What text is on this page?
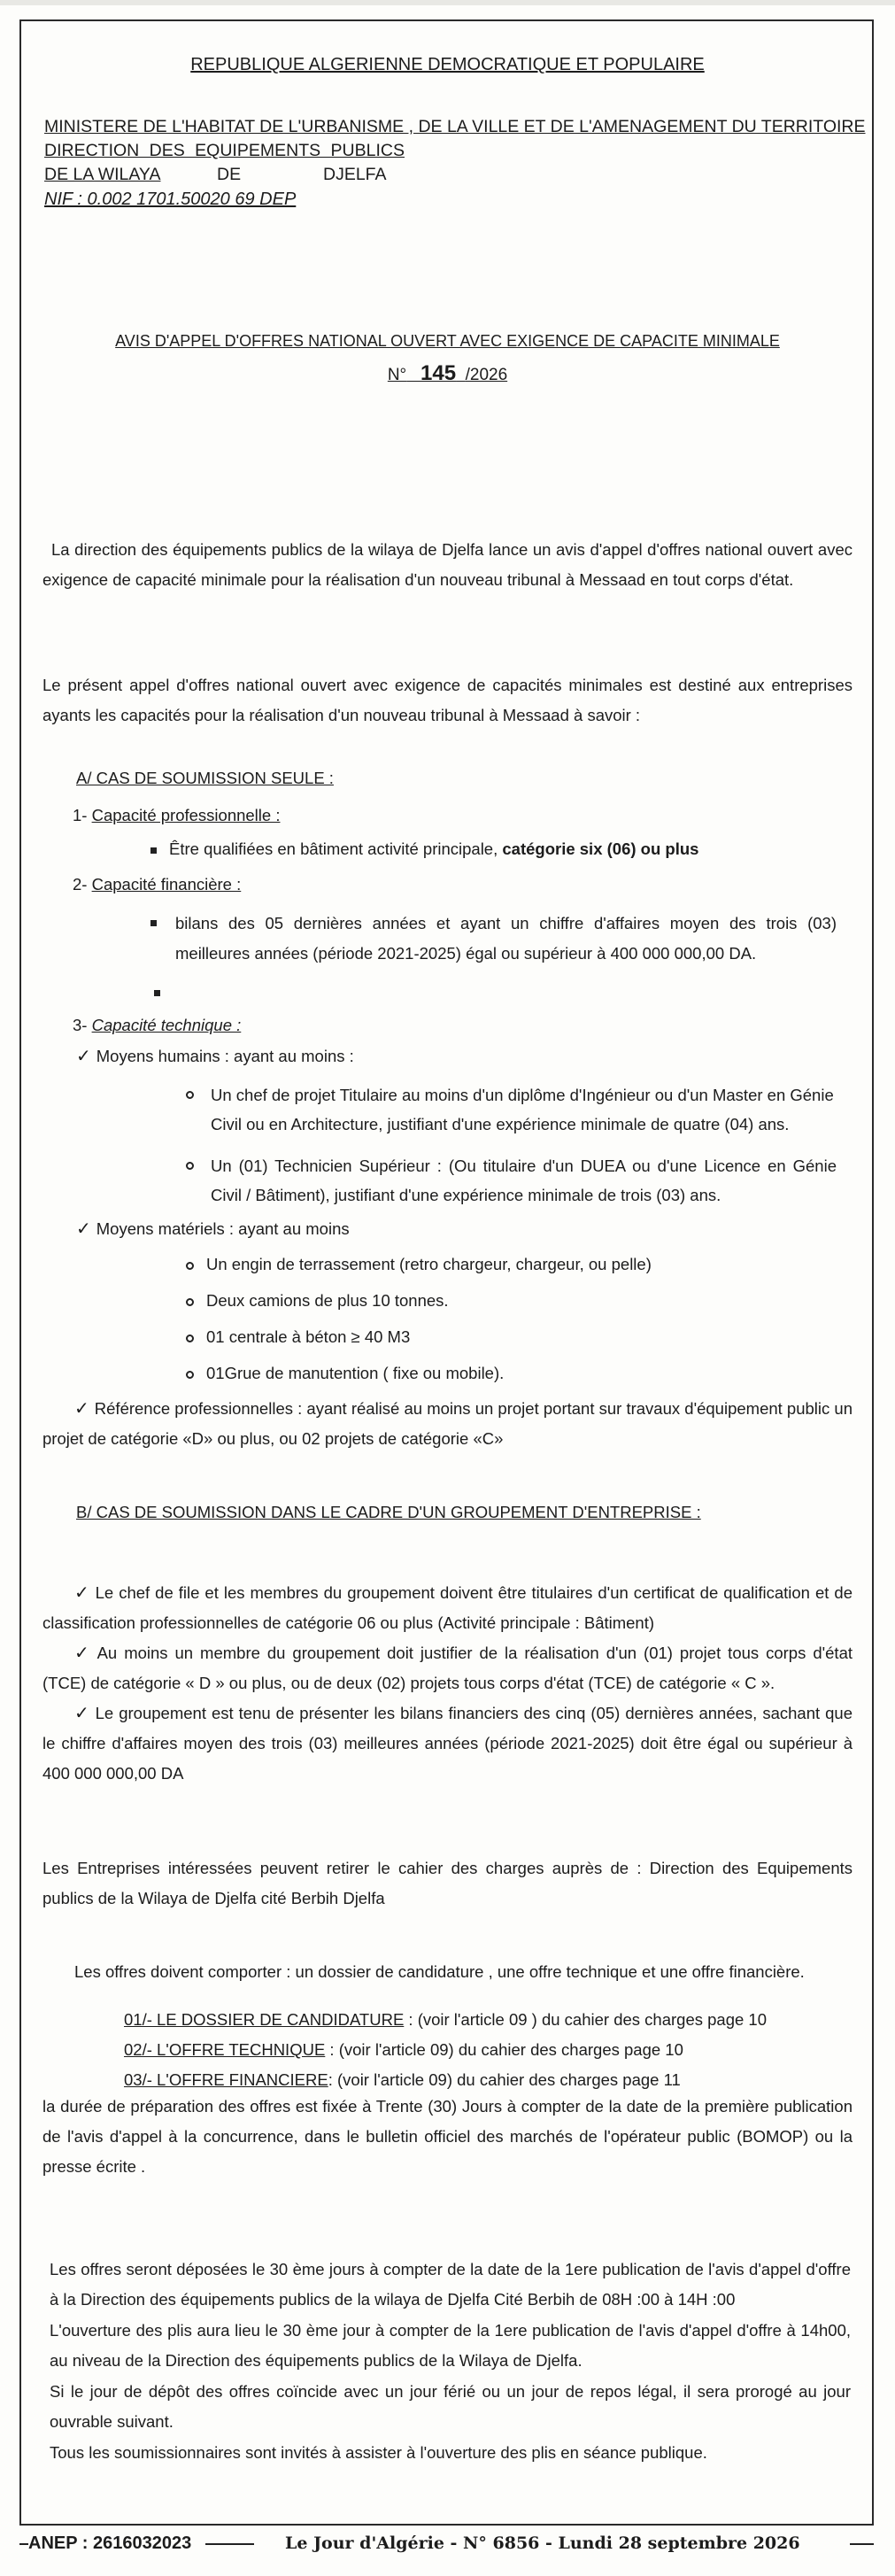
REPUBLIQUE ALGERIENNE DEMOCRATIQUE ET POPULAIRE
MINISTERE DE L'HABITAT DE L'URBANISME , DE LA VILLE ET DE L'AMENAGEMENT DU TERRITOIRE
DIRECTION DES EQUIPEMENTS PUBLICS
DE LA WILAYA	DE	DJELFA
NIF : 0.002 1701.50020 69 DEP
AVIS D'APPEL D'OFFRES NATIONAL OUVERT AVEC EXIGENCE DE CAPACITE MINIMALE
N° 145 /2026
La direction des équipements publics de la wilaya de Djelfa lance un avis d'appel d'offres national ouvert avec exigence de capacité minimale pour la réalisation d'un nouveau tribunal à Messaad en tout corps d'état.
Le présent appel d'offres national ouvert avec exigence de capacités minimales est destiné aux entreprises ayants les capacités pour la réalisation d'un nouveau tribunal à Messaad à savoir :
A/ CAS DE SOUMISSION SEULE :
1- Capacité professionnelle :
Être qualifiées en bâtiment activité principale, catégorie six (06) ou plus
2- Capacité financière :
bilans des 05 dernières années et ayant un chiffre d'affaires moyen des trois (03) meilleures années (période 2021-2025) égal ou supérieur à 400 000 000,00 DA.
3- Capacité technique :
✓ Moyens humains : ayant au moins :
Un chef de projet Titulaire au moins d'un diplôme d'Ingénieur ou d'un Master en Génie Civil ou en Architecture, justifiant d'une expérience minimale de quatre (04) ans.
Un (01) Technicien Supérieur : (Ou titulaire d'un DUEA ou d'une Licence en Génie Civil / Bâtiment), justifiant d'une expérience minimale de trois (03) ans.
✓ Moyens matériels : ayant au moins
Un engin de terrassement (retro chargeur, chargeur, ou pelle)
Deux camions de plus 10 tonnes.
01 centrale à béton ≥ 40 M3
01Grue de manutention ( fixe ou mobile).
✓ Référence professionnelles : ayant réalisé au moins un projet portant sur travaux d'équipement public un projet de catégorie «D» ou plus, ou 02 projets de catégorie «C»
B/ CAS DE SOUMISSION DANS LE CADRE D'UN GROUPEMENT D'ENTREPRISE :
✓ Le chef de file et les membres du groupement doivent être titulaires d'un certificat de qualification et de classification professionnelles de catégorie 06 ou plus (Activité principale : Bâtiment)
✓ Au moins un membre du groupement doit justifier de la réalisation d'un (01) projet tous corps d'état (TCE) de catégorie « D » ou plus, ou de deux (02) projets tous corps d'état (TCE) de catégorie « C ».
✓ Le groupement est tenu de présenter les bilans financiers des cinq (05) dernières années, sachant que le chiffre d'affaires moyen des trois (03) meilleures années (période 2021-2025) doit être égal ou supérieur à 400 000 000,00 DA
Les Entreprises intéressées peuvent retirer le cahier des charges auprès de : Direction des Equipements publics de la Wilaya de Djelfa cité Berbih Djelfa
Les offres doivent comporter : un dossier de candidature , une offre technique et une offre financière.
01/- LE DOSSIER DE CANDIDATURE : (voir l'article 09 ) du cahier des charges page 10
02/- L'OFFRE TECHNIQUE : (voir l'article 09) du cahier des charges page 10
03/- L'OFFRE FINANCIERE: (voir l'article 09) du cahier des charges page 11
la durée de préparation des offres est fixée à Trente (30) Jours à compter de la date de la première publication de l'avis d'appel à la concurrence, dans le bulletin officiel des marchés de l'opérateur public (BOMOP) ou la presse écrite .
Les offres seront déposées le 30 ème jours à compter de la date de la 1ere publication de l'avis d'appel d'offre à la Direction des équipements publics de la wilaya de Djelfa Cité Berbih de 08H :00 à 14H :00
L'ouverture des plis aura lieu le 30 ème jour à compter de la 1ere publication de l'avis d'appel d'offre à 14h00, au niveau de la Direction des équipements publics de la Wilaya de Djelfa.
Si le jour de dépôt des offres coïncide avec un jour férié ou un jour de repos légal, il sera prorogé au jour ouvrable suivant.
Tous les soumissionnaires sont invités à assister à l'ouverture des plis en séance publique.
ANEP : 2616032023	Le Jour d'Algérie - N° 6856 - Lundi 28 septembre 2026
